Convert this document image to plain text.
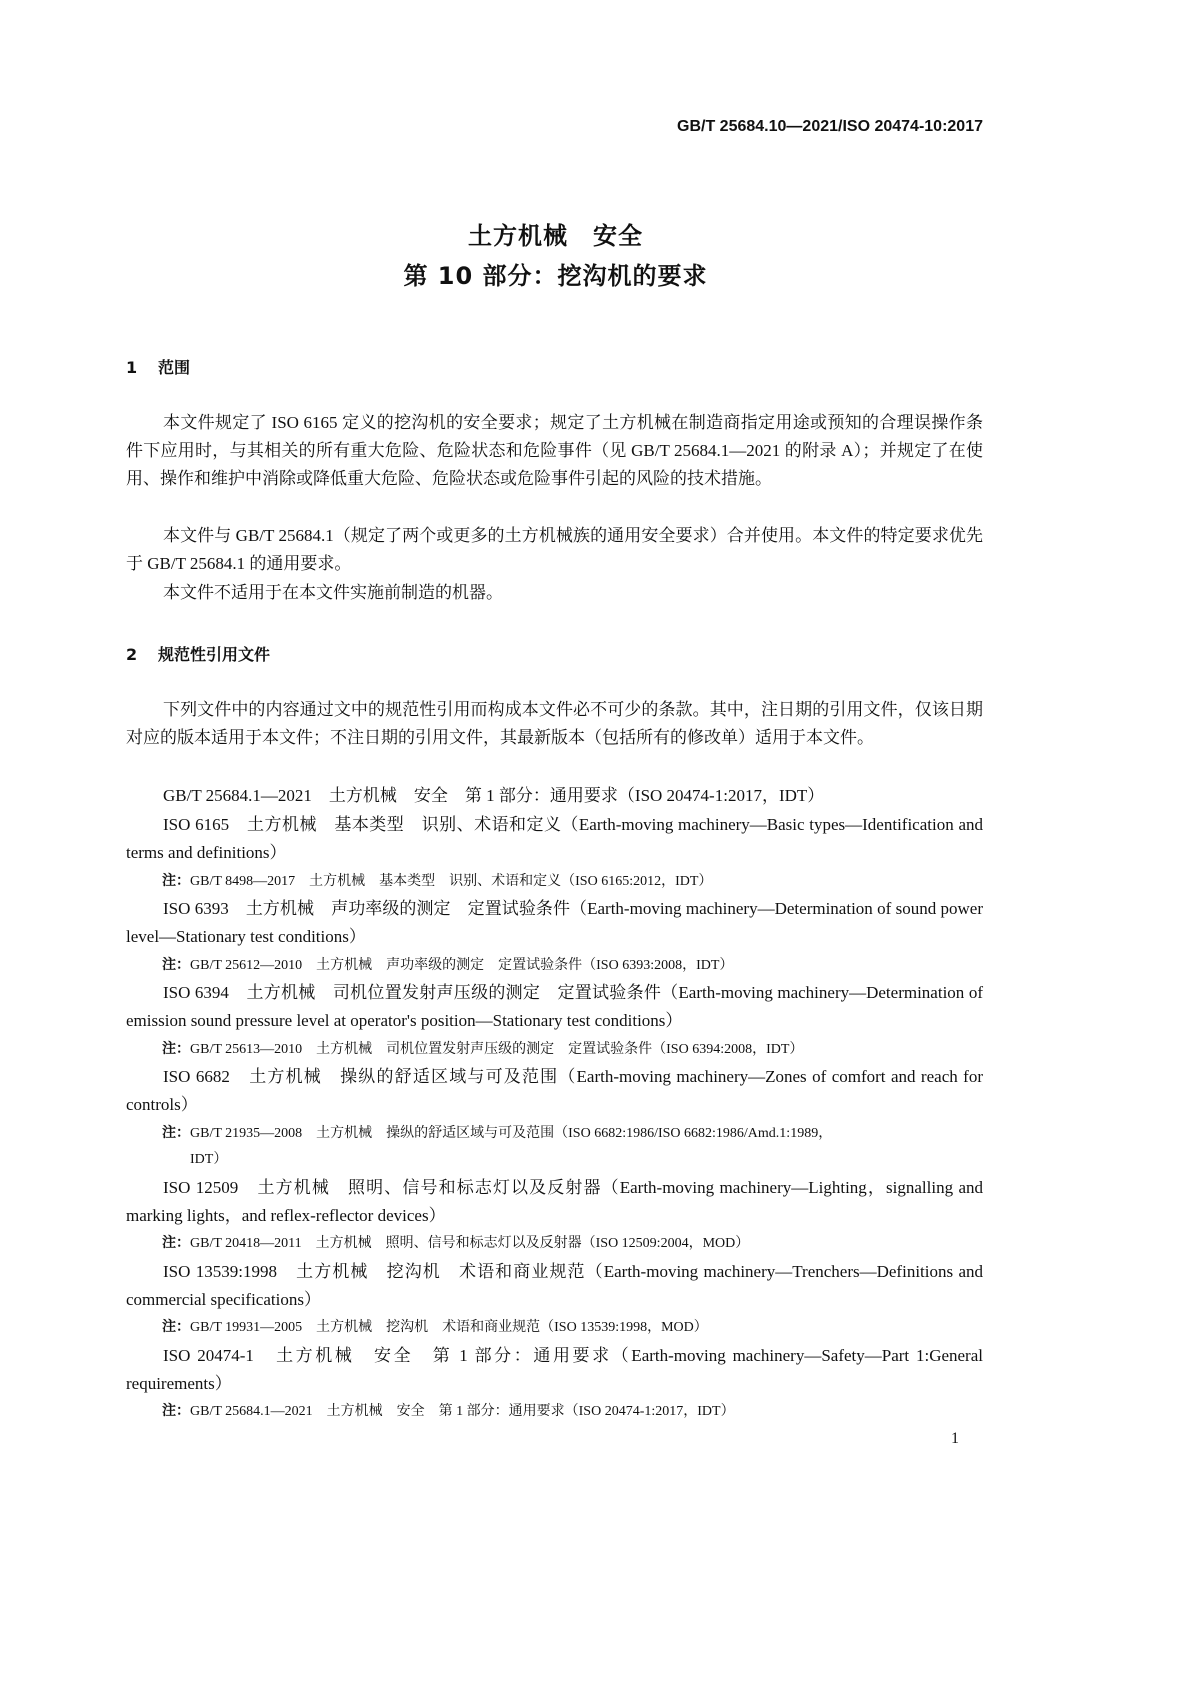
GB/T 25684.10—2021/ISO 20474-10:2017
土方机械　安全
第 10 部分：挖沟机的要求
1 范围
本文件规定了 ISO 6165 定义的挖沟机的安全要求；规定了土方机械在制造商指定用途或预知的合理误操作条件下应用时，与其相关的所有重大危险、危险状态和危险事件（见 GB/T 25684.1—2021 的附录 A）；并规定了在使用、操作和维护中消除或降低重大危险、危险状态或危险事件引起的风险的技术措施。
本文件与 GB/T 25684.1（规定了两个或更多的土方机械族的通用安全要求）合并使用。本文件的特定要求优先于 GB/T 25684.1 的通用要求。
本文件不适用于在本文件实施前制造的机器。
2 规范性引用文件
下列文件中的内容通过文中的规范性引用而构成本文件必不可少的条款。其中，注日期的引用文件，仅该日期对应的版本适用于本文件；不注日期的引用文件，其最新版本（包括所有的修改单）适用于本文件。
GB/T 25684.1—2021　土方机械　安全　第 1 部分：通用要求（ISO 20474-1:2017，IDT）
ISO 6165　土方机械　基本类型　识别、术语和定义（Earth-moving machinery—Basic types—Identification and terms and definitions）
注：GB/T 8498—2017　土方机械　基本类型　识别、术语和定义（ISO 6165:2012，IDT）
ISO 6393　土方机械　声功率级的测定　定置试验条件（Earth-moving machinery—Determination of sound power level—Stationary test conditions）
注：GB/T 25612—2010　土方机械　声功率级的测定　定置试验条件（ISO 6393:2008，IDT）
ISO 6394　土方机械　司机位置发射声压级的测定　定置试验条件（Earth-moving machinery—Determination of emission sound pressure level at operator's position—Stationary test conditions）
注：GB/T 25613—2010　土方机械　司机位置发射声压级的测定　定置试验条件（ISO 6394:2008，IDT）
ISO 6682　土方机械　操纵的舒适区域与可及范围（Earth-moving machinery—Zones of comfort and reach for controls）
注：GB/T 21935—2008　土方机械　操纵的舒适区域与可及范围（ISO 6682:1986/ISO 6682:1986/Amd.1:1989，
IDT）
ISO 12509　土方机械　照明、信号和标志灯以及反射器（Earth-moving machinery—Lighting，signalling and marking lights，and reflex-reflector devices）
注：GB/T 20418—2011　土方机械　照明、信号和标志灯以及反射器（ISO 12509:2004，MOD）
ISO 13539:1998　土方机械　挖沟机　术语和商业规范（Earth-moving machinery—Trenchers—Definitions and commercial specifications）
注：GB/T 19931—2005　土方机械　挖沟机　术语和商业规范（ISO 13539:1998，MOD）
ISO 20474-1　土方机械　安全　第 1 部分：通用要求（Earth-moving machinery—Safety—Part 1:General requirements）
注：GB/T 25684.1—2021　土方机械　安全　第 1 部分：通用要求（ISO 20474-1:2017，IDT）
1
